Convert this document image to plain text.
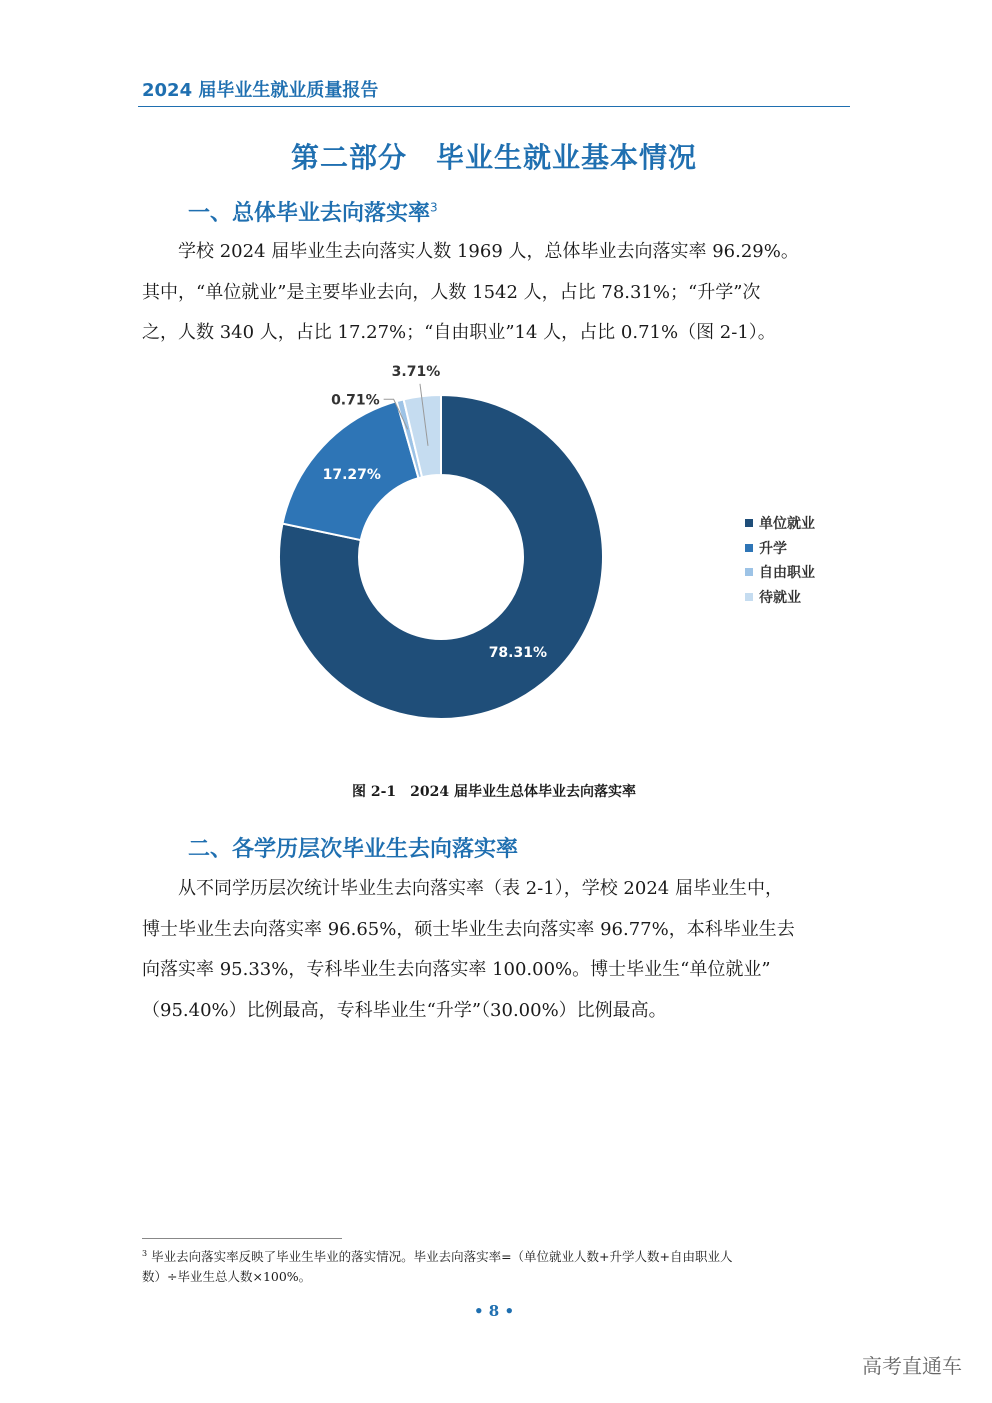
2024 届毕业生就业质量报告
第二部分　毕业生就业基本情况
一、总体毕业去向落实率$^3$
　　学校 2024 届毕业生去向落实人数 1969 人，总体毕业去向落实率 96.29%。
其中，“单位就业”是主要毕业去向，人数 1542 人，占比 78.31%；“升学”次
之，人数 340 人，占比 17.27%；“自由职业”14 人，占比 0.71%（图 2-1）。
78.31%
17.27%
0.71%
3.71%
单位就业
升学
自由职业
待就业
图 2-1　2024 届毕业生总体毕业去向落实率
二、各学历层次毕业生去向落实率
　　从不同学历层次统计毕业生去向落实率（表 2-1），学校 2024 届毕业生中，
博士毕业生去向落实率 96.65%，硕士毕业生去向落实率 96.77%，本科毕业生去
向落实率 95.33%，专科毕业生去向落实率 100.00%。博士毕业生“单位就业”
（95.40%）比例最高，专科毕业生“升学”（30.00%）比例最高。
$^3$ 毕业去向落实率反映了毕业生毕业的落实情况。毕业去向落实率=（单位就业人数+升学人数+自由职业人
数）÷毕业生总人数×100%。
• 8 •
高考直通车
